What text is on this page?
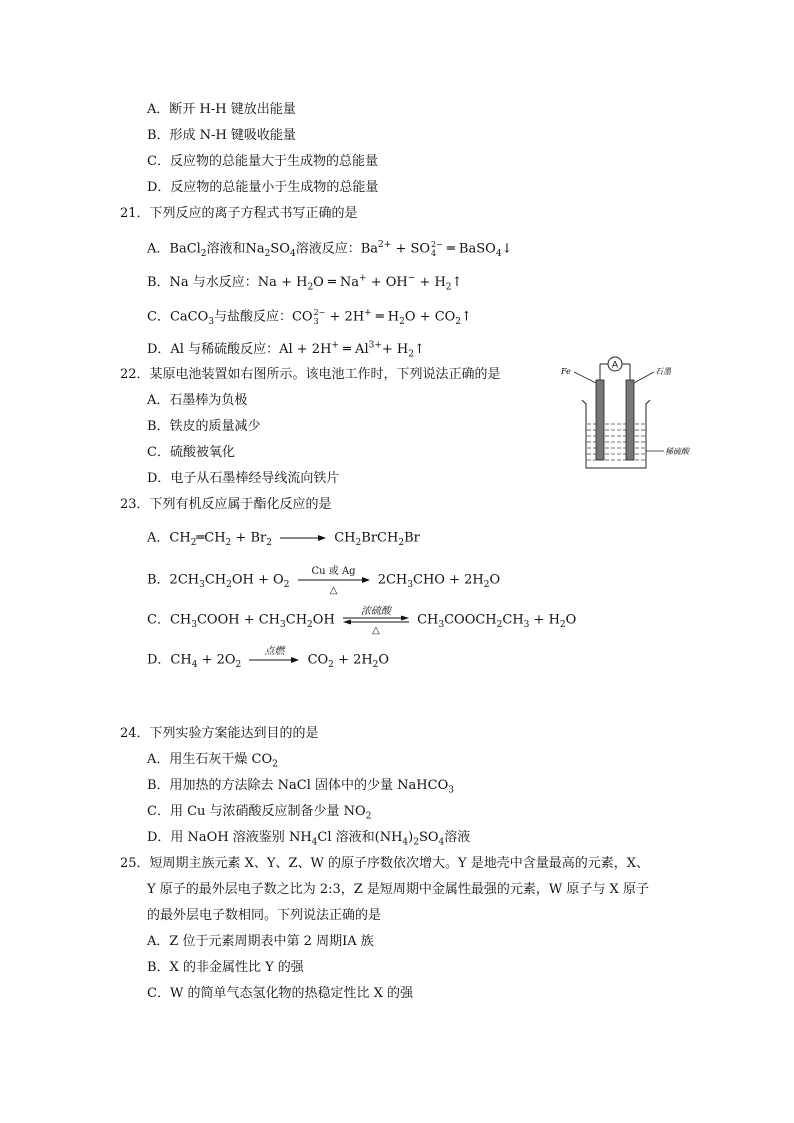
A．断开 H-H 键放出能量
B．形成 N-H 键吸收能量
C．反应物的总能量大于生成物的总能量
D．反应物的总能量小于生成物的总能量
21．下列反应的离子方程式书写正确的是
A．BaCl$_2$溶液和$Na_2SO_4$溶液反应：$Ba^{2+}$ + SO 2−
4 ═ BaSO$_4$↓
B．Na 与水反应：$Na + H_2O$ ═ $Na^+ + OH^- + H_2↑$
C．CaCO$_3$与盐酸反应：CO 2−
3 + 2H+ ═ $H_2O$ + $CO_2↑$
D．Al 与稀硫酸反应：Al + 2H+ ═ $Al^{3+}+$ $H_2↑$
22．某原电池装置如右图所示。该电池工作时，下列说法正确的是
A．石墨棒为负极
B．铁皮的质量减少
C．硫酸被氧化
D．电子从石墨棒经导线流向铁片
A
Fe	石墨
稀硫酸
23．下列有机反应属于酯化反应的是
A．$CH_2═CH_2 + Br_2$ → $CH_2BrCH_2Br$
B．$2CH_3CH_2OH + O_2$
Cu 或 Ag
△
$2CH_3CHO + 2H_2O$
C．$CH_3COOH + CH_3CH_2OH$
浓硫酸
△
$CH_3COOCH_2CH_3 + H_2O$
D．$CH_4 + 2O_2$
点燃
$CO_2 + 2H_2O$
24．下列实验方案能达到目的的是
A．用生石灰干燥 $CO_2$
B．用加热的方法除去 NaCl 固体中的少量 NaHCO$_3$
C．用 Cu 与浓硝酸反应制备少量 $NO_2$
D．用 NaOH 溶液鉴别 $NH_4Cl$ 溶液和$(NH_4)_2SO_4$溶液
25．短周期主族元素 X、Y、Z、W 的原子序数依次增大。Y 是地壳中含量最高的元素，X、
Y 原子的最外层电子数之比为 2:3，Z 是短周期中金属性最强的元素，W 原子与 X 原子
的最外层电子数相同。下列说法正确的是
A．Z 位于元素周期表中第 2 周期ⅠA 族
B．X 的非金属性比 Y 的强
C．W 的简单气态氢化物的热稳定性比 X 的强
